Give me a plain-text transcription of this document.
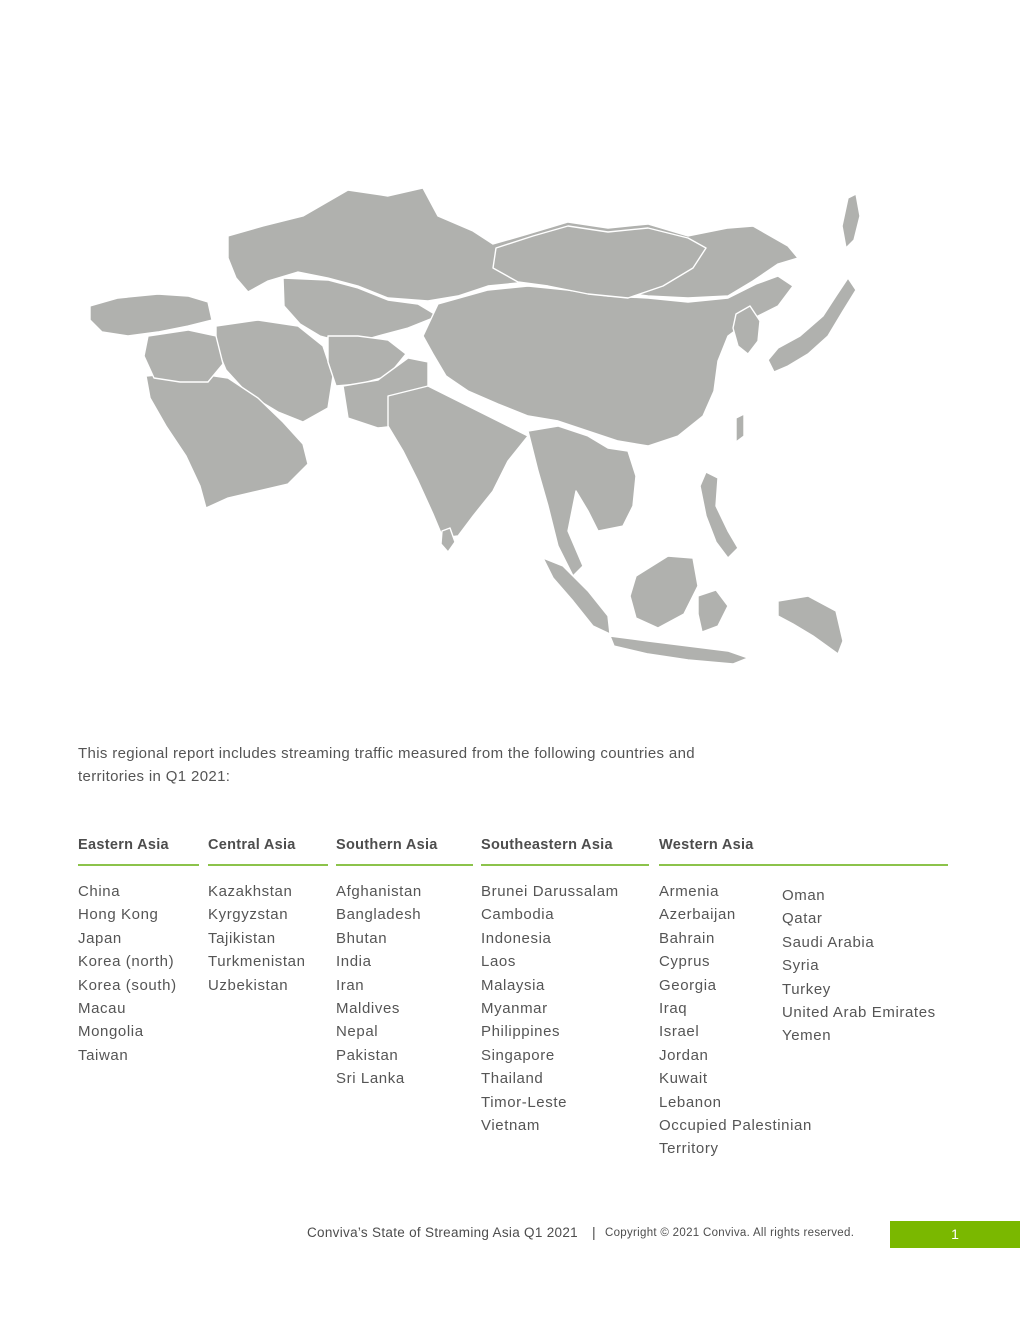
This regional report includes streaming traffic measured from the following countries and territories in Q1 2021:
Eastern Asia
China
Hong Kong
Japan
Korea (north)
Korea (south)
Macau
Mongolia
Taiwan
Central Asia
Kazakhstan
Kyrgyzstan
Tajikistan
Turkmenistan
Uzbekistan
Southern Asia
Afghanistan
Bangladesh
Bhutan
India
Iran
Maldives
Nepal
Pakistan
Sri Lanka
Southeastern Asia
Brunei Darussalam
Cambodia
Indonesia
Laos
Malaysia
Myanmar
Philippines
Singapore
Thailand
Timor-Leste
Vietnam
Western Asia
Armenia
Azerbaijan
Bahrain
Cyprus
Georgia
Iraq
Israel
Jordan
Kuwait
Lebanon
Occupied Palestinian
Territory
Oman
Qatar
Saudi Arabia
Syria
Turkey
United Arab Emirates
Yemen
Conviva’s State of Streaming Asia Q1 2021 | Copyright © 2021 Conviva. All rights reserved.	1
